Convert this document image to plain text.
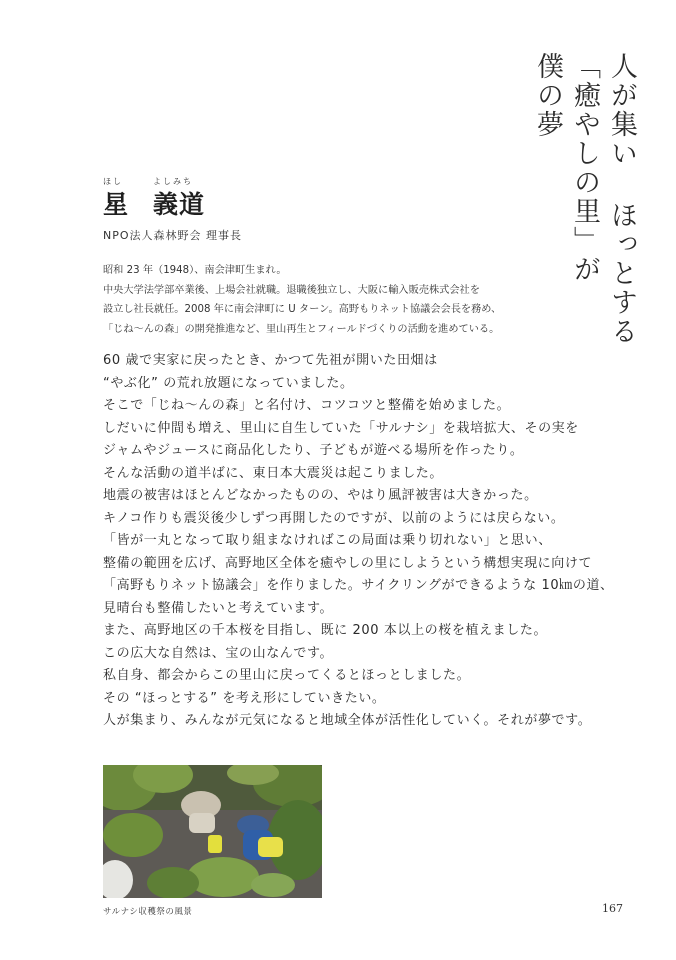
人が集い ほっとする
「癒やしの里」が
僕の夢
ほし	よしみち
星 義道
NPO法人森林野会 理事長
昭和 23 年（1948）、南会津町生まれ。
中央大学法学部卒業後、上場会社就職。退職後独立し、大阪に輸入販売株式会社を
設立し社長就任。2008 年に南会津町に U ターン。高野もりネット協議会会長を務め、
「じね～んの森」の開発推進など、里山再生とフィールドづくりの活動を進めている。
60 歳で実家に戻ったとき、かつて先祖が開いた田畑は
“やぶ化” の荒れ放題になっていました。
そこで「じね～んの森」と名付け、コツコツと整備を始めました。
しだいに仲間も増え、里山に自生していた「サルナシ」を栽培拡大、その実を
ジャムやジュースに商品化したり、子どもが遊べる場所を作ったり。
そんな活動の道半ばに、東日本大震災は起こりました。
地震の被害はほとんどなかったものの、やはり風評被害は大きかった。
キノコ作りも震災後少しずつ再開したのですが、以前のようには戻らない。
「皆が一丸となって取り組まなければこの局面は乗り切れない」と思い、
整備の範囲を広げ、高野地区全体を癒やしの里にしようという構想実現に向けて
「高野もりネット協議会」を作りました。サイクリングができるような 10㎞の道、
見晴台も整備したいと考えています。
また、高野地区の千本桜を目指し、既に 200 本以上の桜を植えました。
この広大な自然は、宝の山なんです。
私自身、都会からこの里山に戻ってくるとほっとしました。
その “ほっとする” を考え形にしていきたい。
人が集まり、みんなが元気になると地域全体が活性化していく。それが夢です。
サルナシ収穫祭の風景	167
